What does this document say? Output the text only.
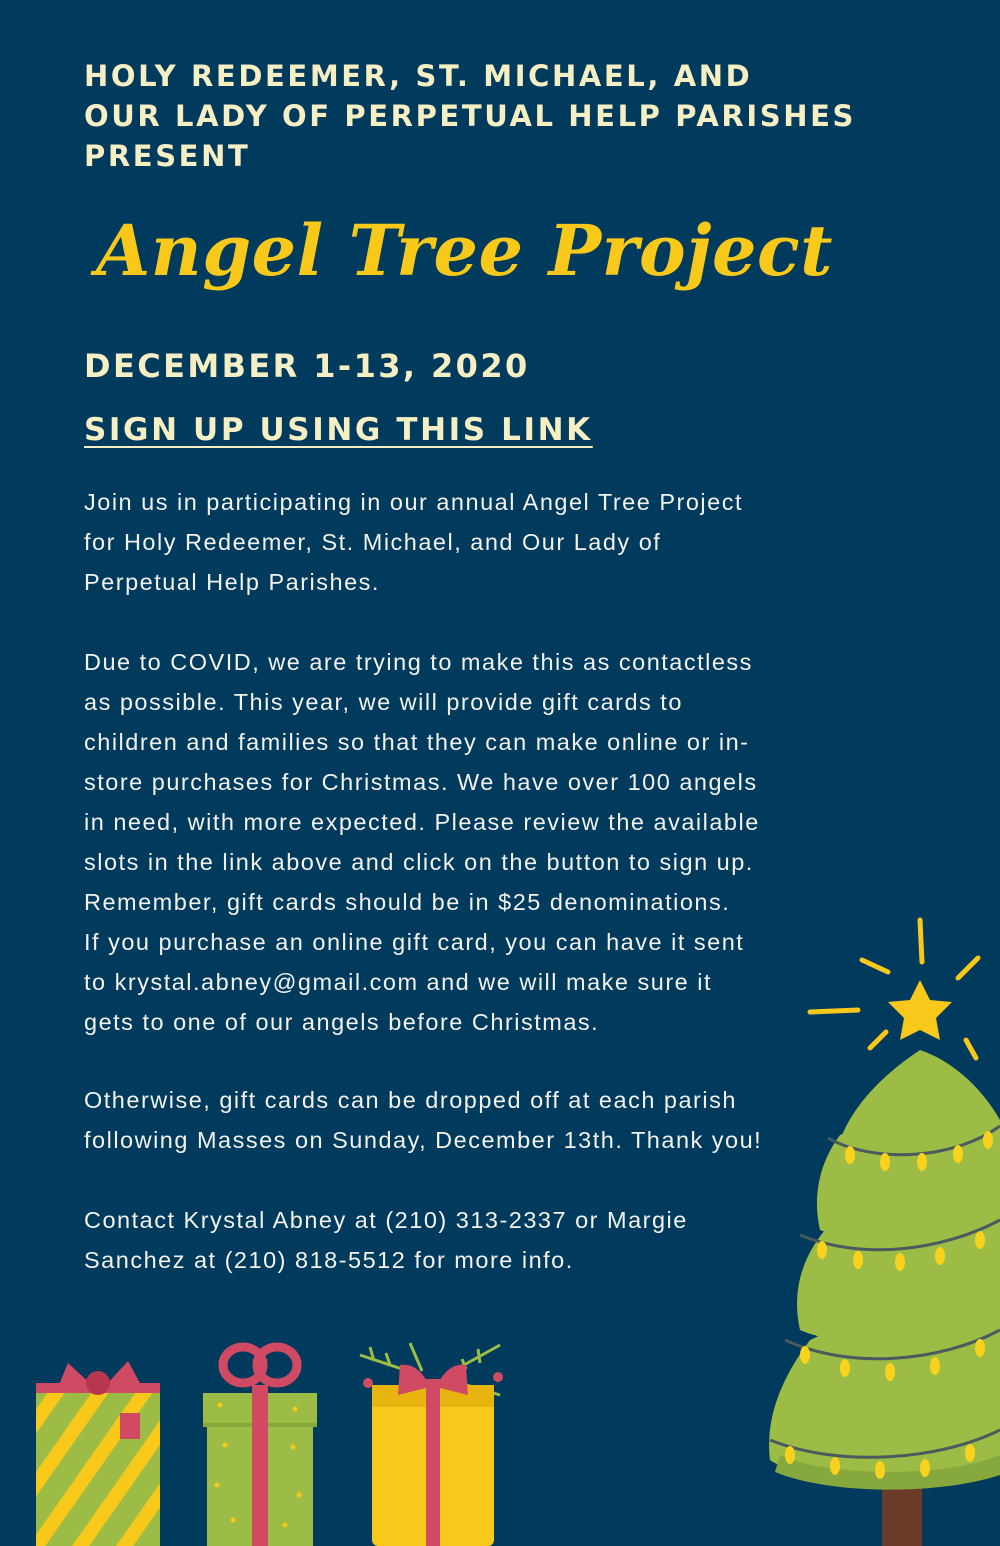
HOLY REDEEMER, ST. MICHAEL, AND
OUR LADY OF PERPETUAL HELP PARISHES
PRESENT
Angel Tree Project
DECEMBER 1-13, 2020
SIGN UP USING THIS LINK
Join us in participating in our annual Angel Tree Project
for Holy Redeemer, St. Michael, and Our Lady of
Perpetual Help Parishes.
Due to COVID, we are trying to make this as contactless
as possible. This year, we will provide gift cards to
children and families so that they can make online or in-
store purchases for Christmas. We have over 100 angels
in need, with more expected. Please review the available
slots in the link above and click on the button to sign up.
Remember, gift cards should be in $25 denominations.
If you purchase an online gift card, you can have it sent
to krystal.abney@gmail.com and we will make sure it
gets to one of our angels before Christmas.
Otherwise, gift cards can be dropped off at each parish
following Masses on Sunday, December 13th. Thank you!
Contact Krystal Abney at (210) 313-2337 or Margie
Sanchez at (210) 818-5512 for more info.
